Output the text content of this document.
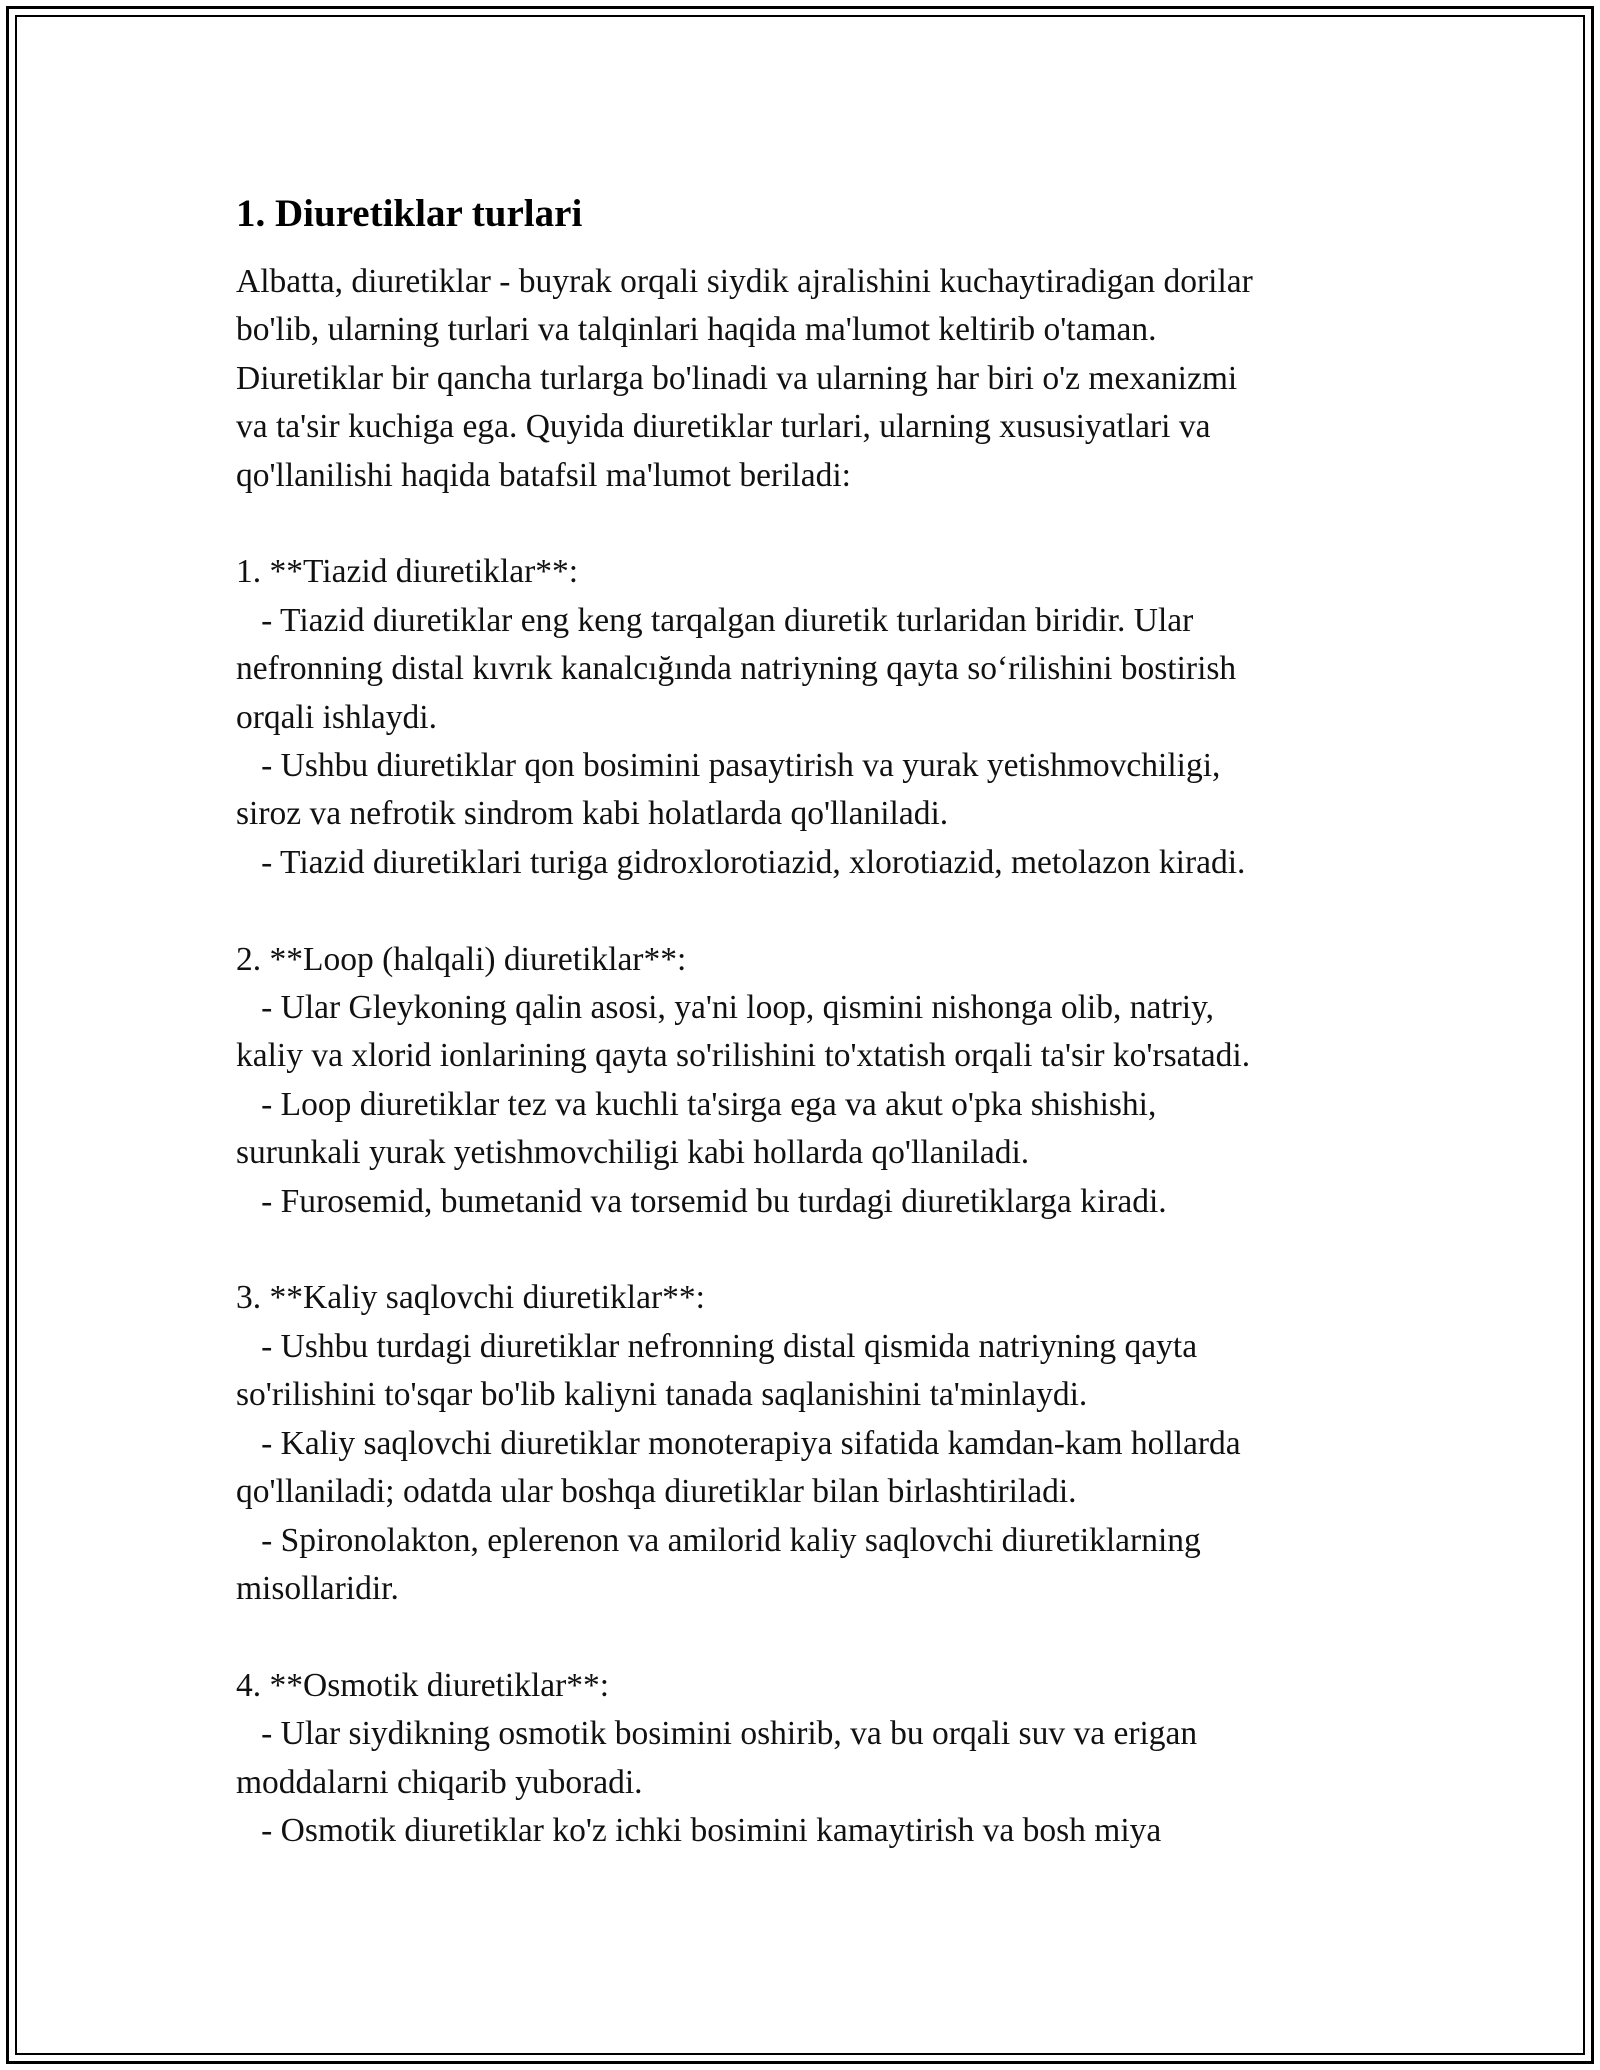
1. Diuretiklar turlari
Albatta, diuretiklar - buyrak orqali siydik ajralishini kuchaytiradigan dorilar
bo'lib, ularning turlari va talqinlari haqida ma'lumot keltirib o'taman.
Diuretiklar bir qancha turlarga bo'linadi va ularning har biri o'z mexanizmi
va ta'sir kuchiga ega. Quyida diuretiklar turlari, ularning xususiyatlari va
qo'llanilishi haqida batafsil ma'lumot beriladi:
1. **Tiazid diuretiklar**:
- Tiazid diuretiklar eng keng tarqalgan diuretik turlaridan biridir. Ular
nefronning distal kıvrık kanalcığında natriyning qayta so‘rilishini bostirish
orqali ishlaydi.
- Ushbu diuretiklar qon bosimini pasaytirish va yurak yetishmovchiligi,
siroz va nefrotik sindrom kabi holatlarda qo'llaniladi.
- Tiazid diuretiklari turiga gidroxlorotiazid, xlorotiazid, metolazon kiradi.
2. **Loop (halqali) diuretiklar**:
- Ular Gleykoning qalin asosi, ya'ni loop, qismini nishonga olib, natriy,
kaliy va xlorid ionlarining qayta so'rilishini to'xtatish orqali ta'sir ko'rsatadi.
- Loop diuretiklar tez va kuchli ta'sirga ega va akut o'pka shishishi,
surunkali yurak yetishmovchiligi kabi hollarda qo'llaniladi.
- Furosemid, bumetanid va torsemid bu turdagi diuretiklarga kiradi.
3. **Kaliy saqlovchi diuretiklar**:
- Ushbu turdagi diuretiklar nefronning distal qismida natriyning qayta
so'rilishini to'sqar bo'lib kaliyni tanada saqlanishini ta'minlaydi.
- Kaliy saqlovchi diuretiklar monoterapiya sifatida kamdan-kam hollarda
qo'llaniladi; odatda ular boshqa diuretiklar bilan birlashtiriladi.
- Spironolakton, eplerenon va amilorid kaliy saqlovchi diuretiklarning
misollaridir.
4. **Osmotik diuretiklar**:
- Ular siydikning osmotik bosimini oshirib, va bu orqali suv va erigan
moddalarni chiqarib yuboradi.
- Osmotik diuretiklar ko'z ichki bosimini kamaytirish va bosh miya
